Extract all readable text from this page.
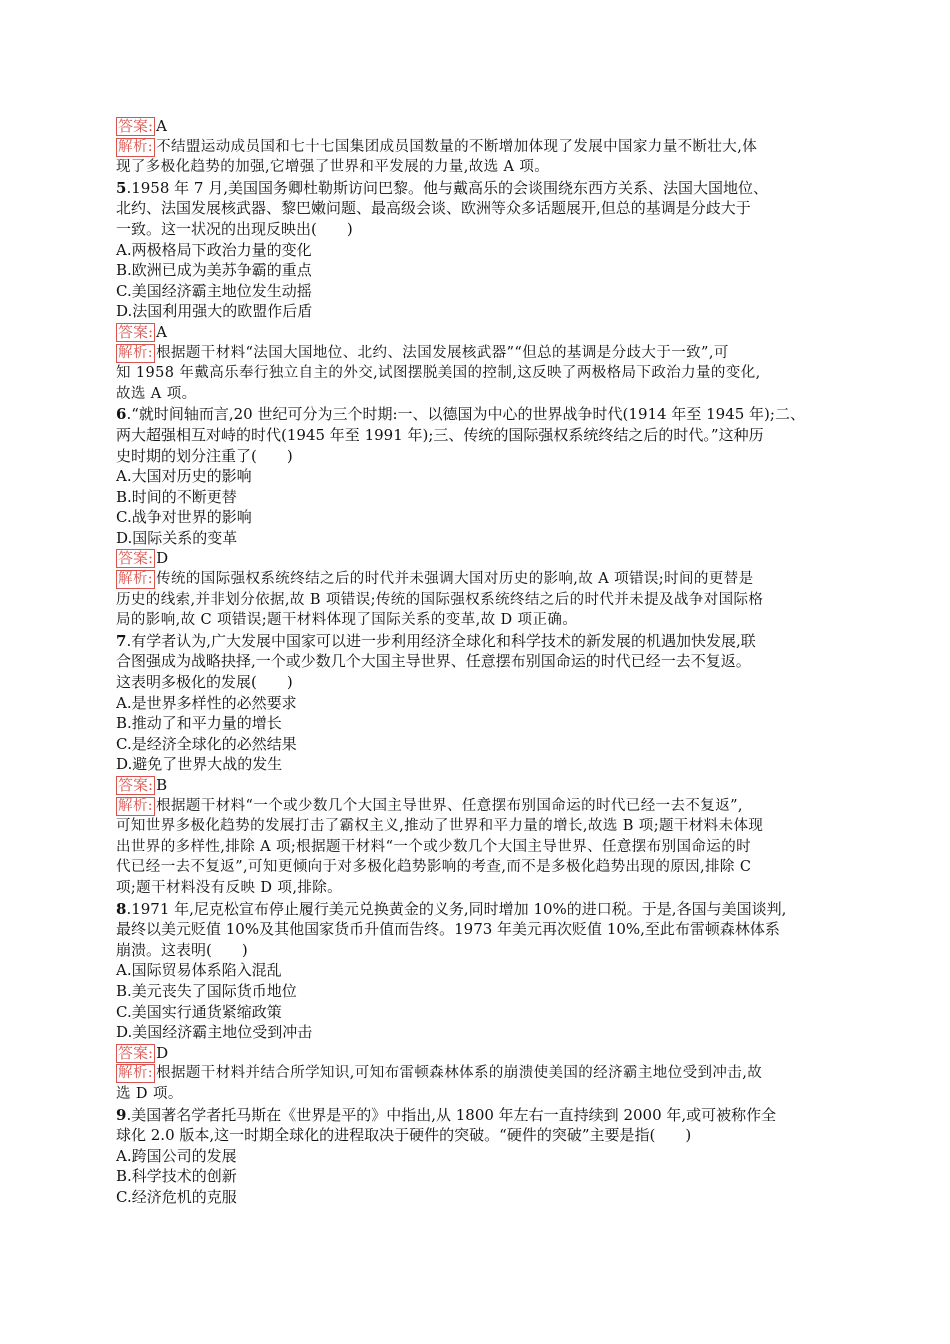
答案: A
解析: 不结盟运动成员国和七十七国集团成员国数量的不断增加体现了发展中国家力量不断壮大,体
现了多极化趋势的加强,它增强了世界和平发展的力量,故选 A 项。
5.1958 年 7 月,美国国务卿杜勒斯访问巴黎。他与戴高乐的会谈围绕东西方关系、法国大国地位、
北约、法国发展核武器、黎巴嫩问题、最高级会谈、欧洲等众多话题展开,但总的基调是分歧大于
一致。这一状况的出现反映出(　　)
A.两极格局下政治力量的变化
B.欧洲已成为美苏争霸的重点
C.美国经济霸主地位发生动摇
D.法国利用强大的欧盟作后盾
答案: A
解析: 根据题干材料“法国大国地位、北约、法国发展核武器”“但总的基调是分歧大于一致”,可
知 1958 年戴高乐奉行独立自主的外交,试图摆脱美国的控制,这反映了两极格局下政治力量的变化,
故选 A 项。
6.“就时间轴而言,20 世纪可分为三个时期:一、以德国为中心的世界战争时代(1914 年至 1945 年);二、
两大超强相互对峙的时代(1945 年至 1991 年);三、传统的国际强权系统终结之后的时代。”这种历
史时期的划分注重了(　　)
A.大国对历史的影响
B.时间的不断更替
C.战争对世界的影响
D.国际关系的变革
答案: D
解析: 传统的国际强权系统终结之后的时代并未强调大国对历史的影响,故 A 项错误;时间的更替是
历史的线索,并非划分依据,故 B 项错误;传统的国际强权系统终结之后的时代并未提及战争对国际格
局的影响,故 C 项错误;题干材料体现了国际关系的变革,故 D 项正确。
7.有学者认为,广大发展中国家可以进一步利用经济全球化和科学技术的新发展的机遇加快发展,联
合图强成为战略抉择,一个或少数几个大国主导世界、任意摆布别国命运的时代已经一去不复返。
这表明多极化的发展(　　)
A.是世界多样性的必然要求
B.推动了和平力量的增长
C.是经济全球化的必然结果
D.避免了世界大战的发生
答案: B
解析: 根据题干材料“一个或少数几个大国主导世界、任意摆布别国命运的时代已经一去不复返”,
可知世界多极化趋势的发展打击了霸权主义,推动了世界和平力量的增长,故选 B 项;题干材料未体现
出世界的多样性,排除 A 项;根据题干材料“一个或少数几个大国主导世界、任意摆布别国命运的时
代已经一去不复返”,可知更倾向于对多极化趋势影响的考查,而不是多极化趋势出现的原因,排除 C
项;题干材料没有反映 D 项,排除。
8.1971 年,尼克松宣布停止履行美元兑换黄金的义务,同时增加 10%的进口税。于是,各国与美国谈判,
最终以美元贬值 10%及其他国家货币升值而告终。1973 年美元再次贬值 10%,至此布雷顿森林体系
崩溃。这表明(　　)
A.国际贸易体系陷入混乱
B.美元丧失了国际货币地位
C.美国实行通货紧缩政策
D.美国经济霸主地位受到冲击
答案: D
解析: 根据题干材料并结合所学知识,可知布雷顿森林体系的崩溃使美国的经济霸主地位受到冲击,故
选 D 项。
9.美国著名学者托马斯在《世界是平的》中指出,从 1800 年左右一直持续到 2000 年,或可被称作全
球化 2.0 版本,这一时期全球化的进程取决于硬件的突破。“硬件的突破”主要是指(　　)
A.跨国公司的发展
B.科学技术的创新
C.经济危机的克服
